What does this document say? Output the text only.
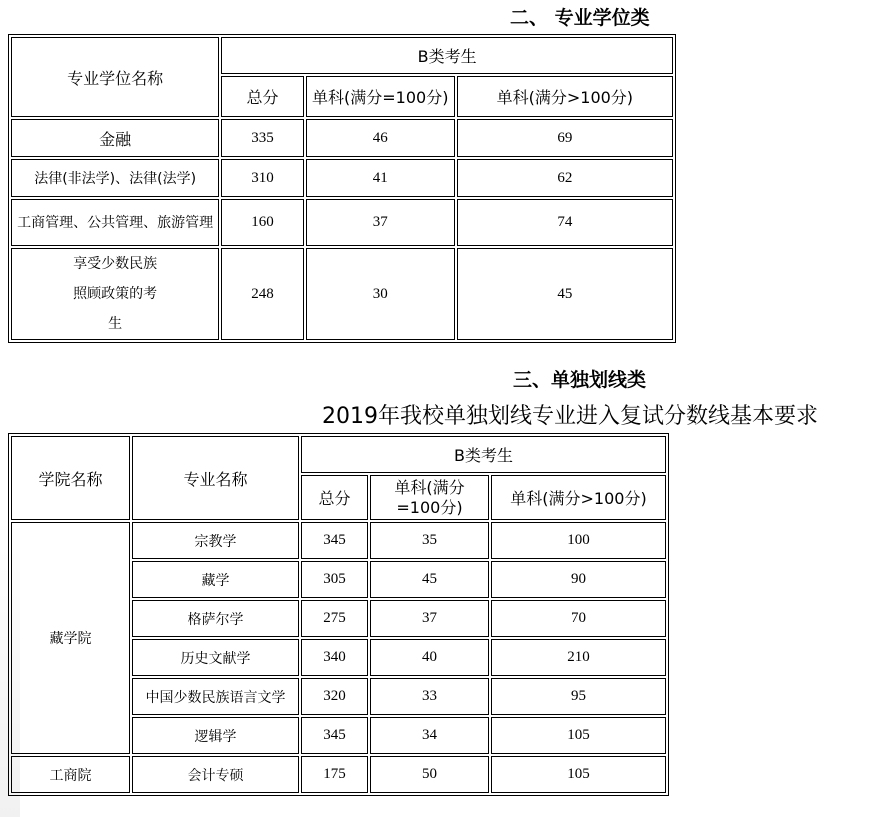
二、 专业学位类
专业学位名称	B类考生		
	总分	单科(满分=100分)	单科(满分>100分)
金融	335	46	69
法律(非法学)、法律(法学)	310	41	62
工商管理、公共管理、旅游管理	160	37	74
享受少数民族照顾政策的考生	248	30	45
三、单独划线类
2019年我校单独划线专业进入复试分数线基本要求
学院名称	专业名称	B类考生		
		总分	单科(满分=100分)	单科(满分>100分)
藏学院	宗教学	345	35	100
	藏学	305	45	90
	格萨尔学	275	37	70
	历史文献学	340	40	210
	中国少数民族语言文学	320	33	95
	逻辑学	345	34	105
工商院	会计专硕	175	50	105
